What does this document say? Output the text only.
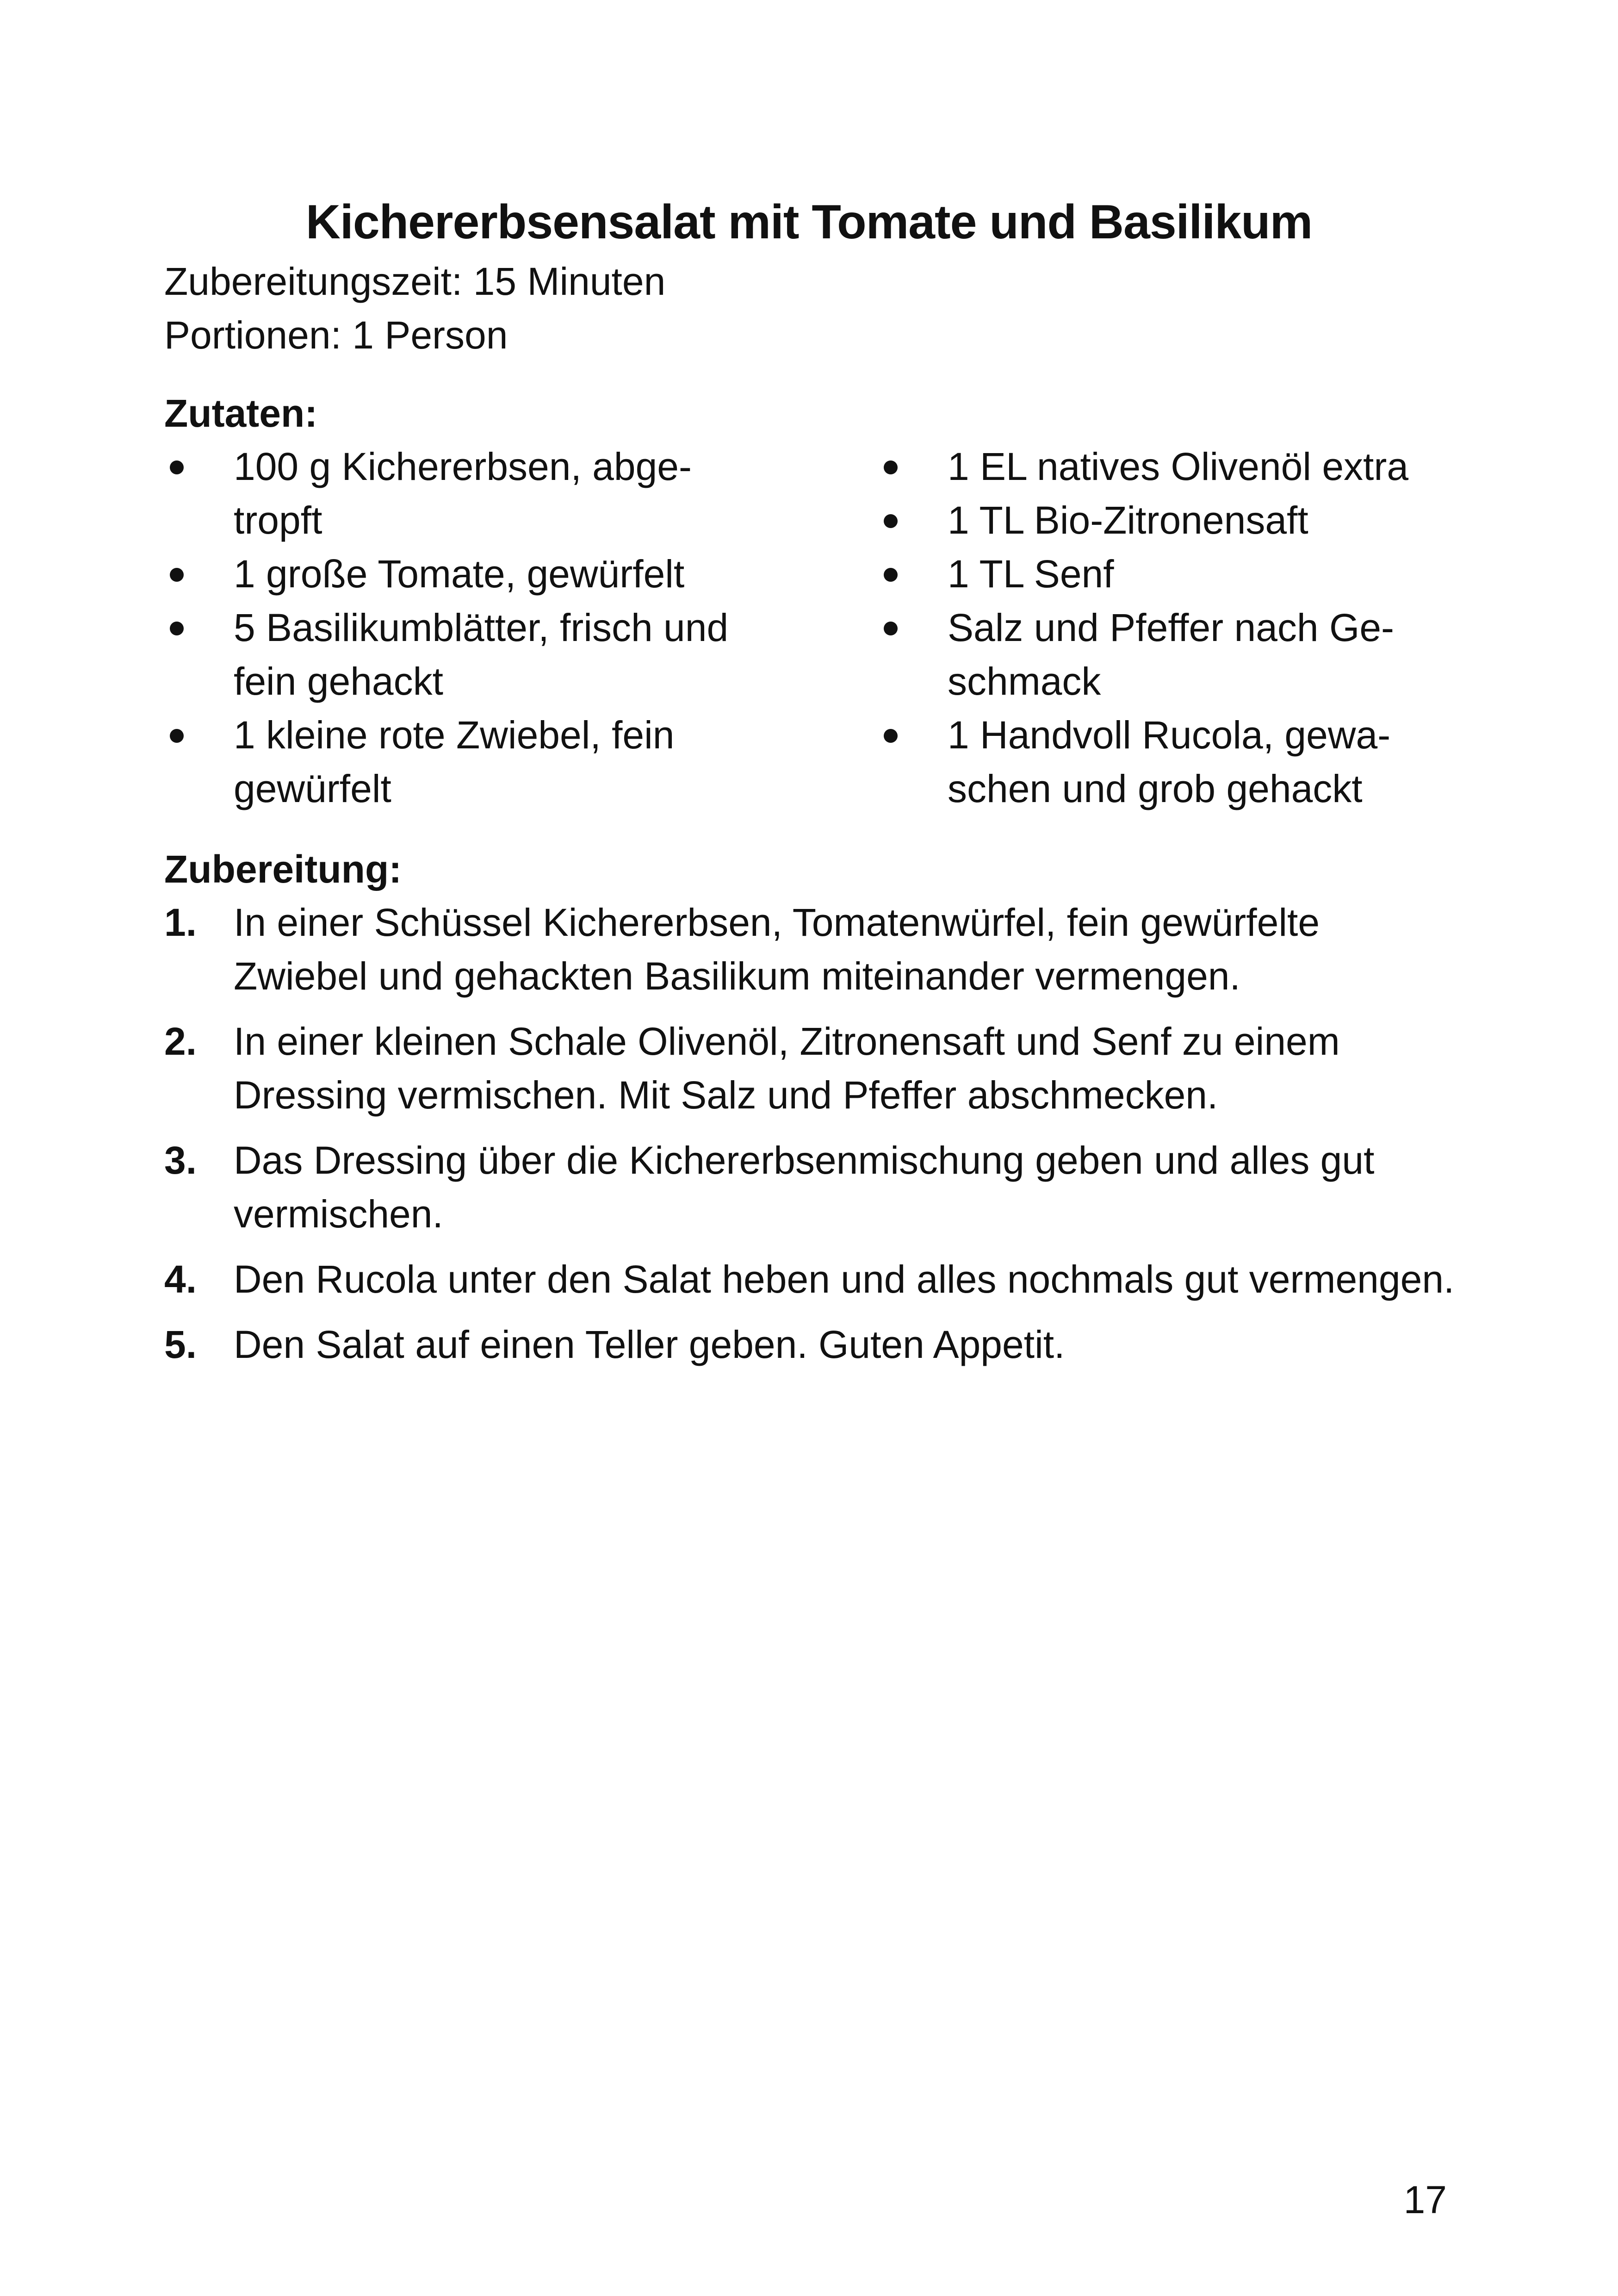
Kichererbsensalat mit Tomate und Basilikum
Zubereitungszeit: 15 Minuten
Portionen: 1 Person
Zutaten:
100 g Kichererbsen, abge-tropft
1 große Tomate, gewürfelt
5 Basilikumblätter, frisch und fein gehackt
1 kleine rote Zwiebel, fein gewürfelt
1 EL natives Olivenöl extra
1 TL Bio-Zitronensaft
1 TL Senf
Salz und Pfeffer nach Ge-schmack
1 Handvoll Rucola, gewa-schen und grob gehackt
Zubereitung:
1. In einer Schüssel Kichererbsen, Tomatenwürfel, fein gewürfelte Zwiebel und gehackten Basilikum miteinander vermengen.
2. In einer kleinen Schale Olivenöl, Zitronensaft und Senf zu einem Dressing vermischen. Mit Salz und Pfeffer abschmecken.
3. Das Dressing über die Kichererbsenmischung geben und alles gut vermischen.
4. Den Rucola unter den Salat heben und alles nochmals gut vermengen.
5. Den Salat auf einen Teller geben. Guten Appetit.
17
